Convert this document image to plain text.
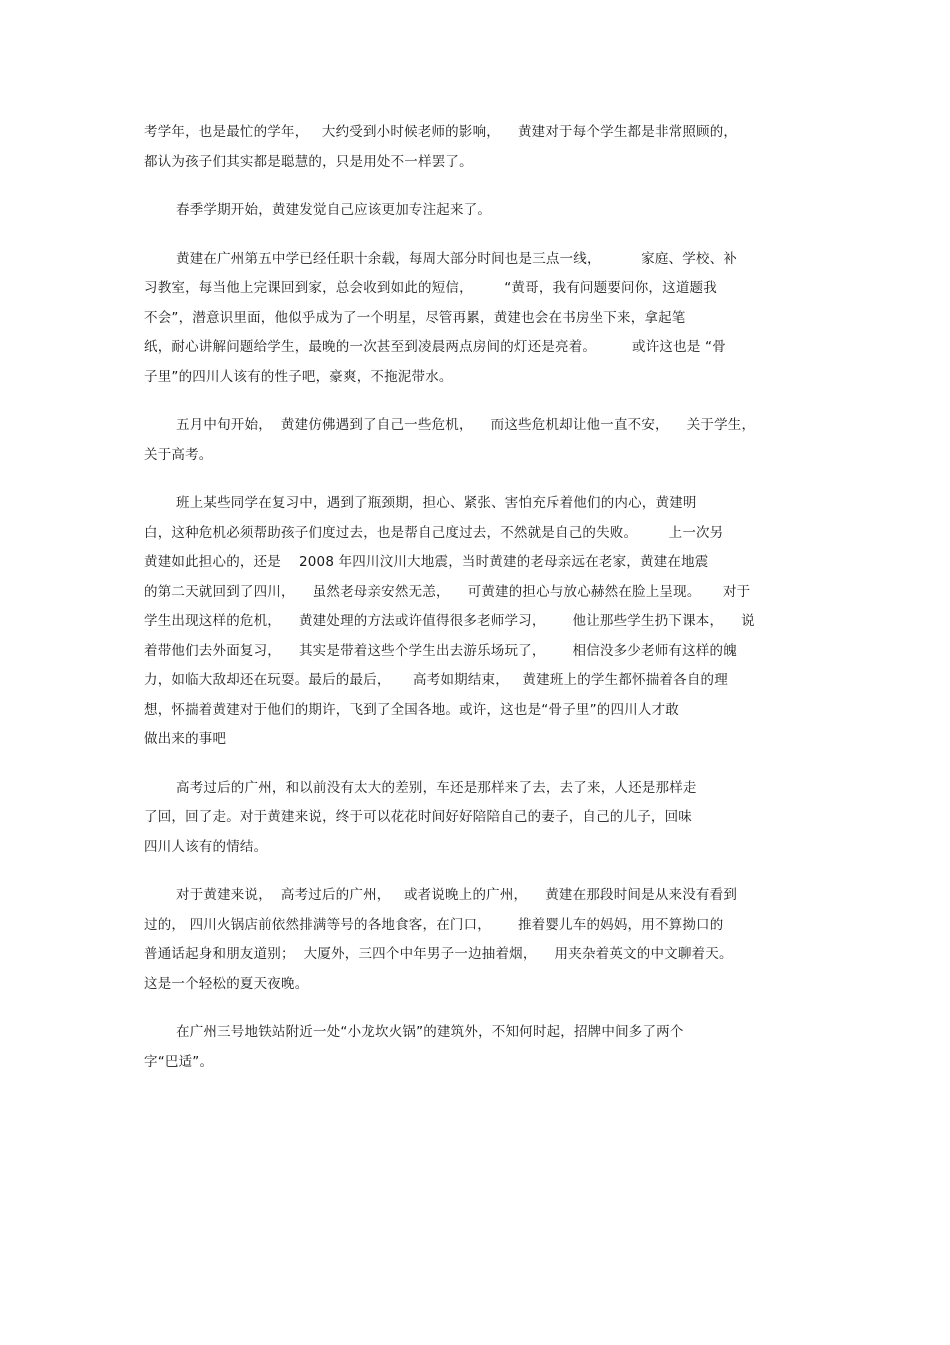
考学年，也是最忙的学年，   大约受到小时候老师的影响，    黄建对于每个学生都是非常照顾的，
都认为孩子们其实都是聪慧的，只是用处不一样罢了。
春季学期开始，黄建发觉自己应该更加专注起来了。
黄建在广州第五中学已经任职十余载，每周大部分时间也是三点一线，         家庭、学校、补
习教室，每当他上完课回到家，总会收到如此的短信，       “黄哥，我有问题要问你，这道题我
不会”，潜意识里面，他似乎成为了一个明星，尽管再累，黄建也会在书房坐下来，拿起笔
纸，耐心讲解问题给学生，最晚的一次甚至到凌晨两点房间的灯还是亮着。        或许这也是 “骨
子里”的四川人该有的性子吧，豪爽，不拖泥带水。
五月中旬开始，  黄建仿佛遇到了自己一些危机，    而这些危机却让他一直不安，    关于学生，
关于高考。
班上某些同学在复习中，遇到了瓶颈期，担心、紧张、害怕充斥着他们的内心，黄建明
白，这种危机必须帮助孩子们度过去，也是帮自己度过去，不然就是自己的失败。       上一次另
黄建如此担心的，还是    2008 年四川汶川大地震，当时黄建的老母亲远在老家，黄建在地震
的第二天就回到了四川，    虽然老母亲安然无恙，    可黄建的担心与放心赫然在脸上呈现。     对于
学生出现这样的危机，    黄建处理的方法或许值得很多老师学习，      他让那些学生扔下课本，    说
着带他们去外面复习，    其实是带着这些个学生出去游乐场玩了，      相信没多少老师有这样的魄
力，如临大敌却还在玩耍。最后的最后，     高考如期结束，   黄建班上的学生都怀揣着各自的理
想，怀揣着黄建对于他们的期许，飞到了全国各地。或许，这也是“骨子里”的四川人才敢
做出来的事吧
高考过后的广州，和以前没有太大的差别，车还是那样来了去，去了来，人还是那样走
了回，回了走。对于黄建来说，终于可以花花时间好好陪陪自己的妻子，自己的儿子，回味
四川人该有的情结。
对于黄建来说，  高考过后的广州，   或者说晚上的广州，    黄建在那段时间是从来没有看到
过的， 四川火锅店前依然排满等号的各地食客，在门口，      推着婴儿车的妈妈，用不算拗口的
普通话起身和朋友道别；  大厦外，三四个中年男子一边抽着烟，    用夹杂着英文的中文聊着天。
这是一个轻松的夏天夜晚。
在广州三号地铁站附近一处“小龙坎火锅”的建筑外，不知何时起，招牌中间多了两个
字“巴适”。
